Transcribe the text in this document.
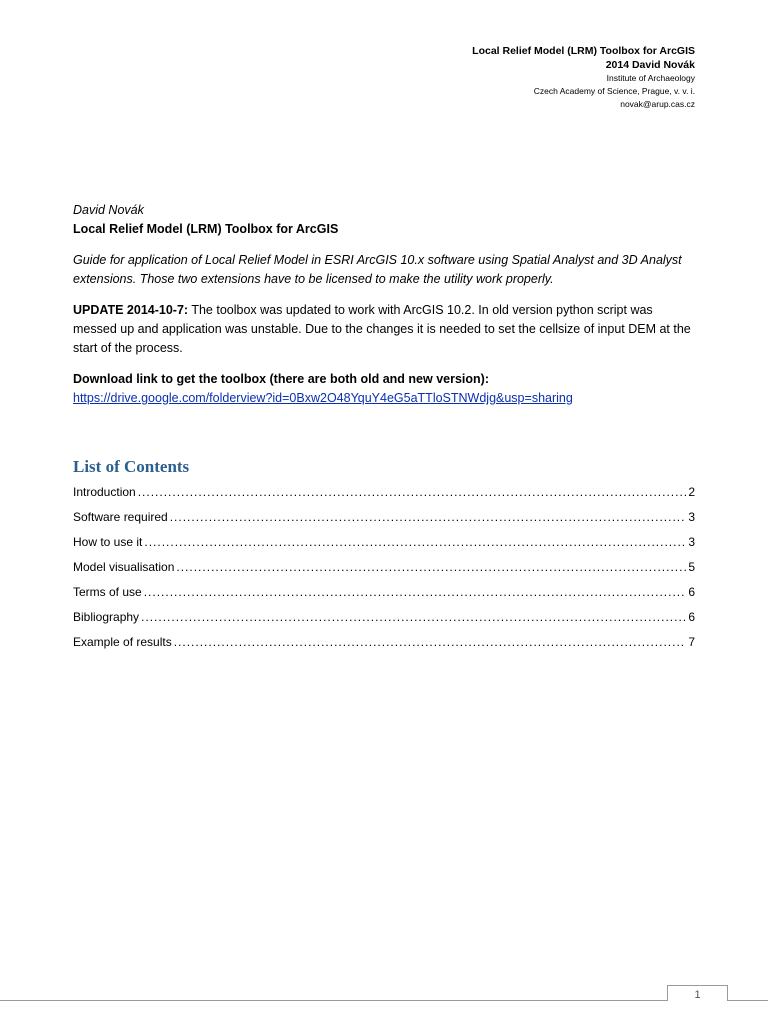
Local Relief Model (LRM) Toolbox for ArcGIS
2014 David Novák
Institute of Archaeology
Czech Academy of Science, Prague, v. v. i.
novak@arup.cas.cz

David Novák

Local Relief Model (LRM) Toolbox for ArcGIS

Guide for application of Local Relief Model in ESRI ArcGIS 10.x software using Spatial Analyst and 3D Analyst extensions. Those two extensions have to be licensed to make the utility work properly.

UPDATE 2014-10-7: The toolbox was updated to work with ArcGIS 10.2. In old version python script was messed up and application was unstable. Due to the changes it is needed to set the cellsize of input DEM at the start of the process.

Download link to get the toolbox (there are both old and new version):
https://drive.google.com/folderview?id=0Bxw2O48YquY4eG5aTTloSTNWdjg&usp=sharing

List of Contents
Introduction .....	2
Software required .....	3
How to use it .....	3
Model visualisation .....	5
Terms of use .....	6
Bibliography .....	6
Example of results .....	7
1
